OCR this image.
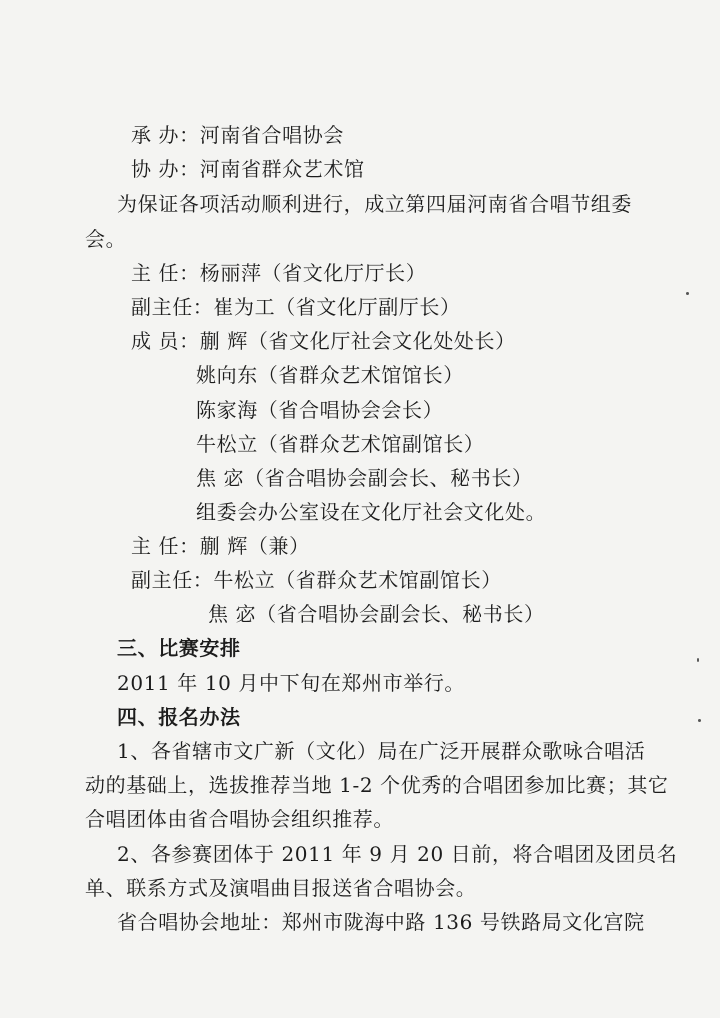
承 办：河南省合唱协会
协 办：河南省群众艺术馆
为保证各项活动顺利进行，成立第四届河南省合唱节组委
会。
主 任：杨丽萍（省文化厅厅长）
副主任：崔为工（省文化厅副厅长）
成 员：蒯 辉（省文化厅社会文化处处长）
姚向东（省群众艺术馆馆长）
陈家海（省合唱协会会长）
牛松立（省群众艺术馆副馆长）
焦 宓（省合唱协会副会长、秘书长）
组委会办公室设在文化厅社会文化处。
主 任：蒯 辉（兼）
副主任：牛松立（省群众艺术馆副馆长）
焦 宓（省合唱协会副会长、秘书长）
三、比赛安排
2011 年 10 月中下旬在郑州市举行。
四、报名办法
1、各省辖市文广新（文化）局在广泛开展群众歌咏合唱活
动的基础上，选拔推荐当地 1-2 个优秀的合唱团参加比赛；其它
合唱团体由省合唱协会组织推荐。
2、各参赛团体于 2011 年 9 月 20 日前，将合唱团及团员名
单、联系方式及演唱曲目报送省合唱协会。
省合唱协会地址：郑州市陇海中路 136 号铁路局文化宫院
